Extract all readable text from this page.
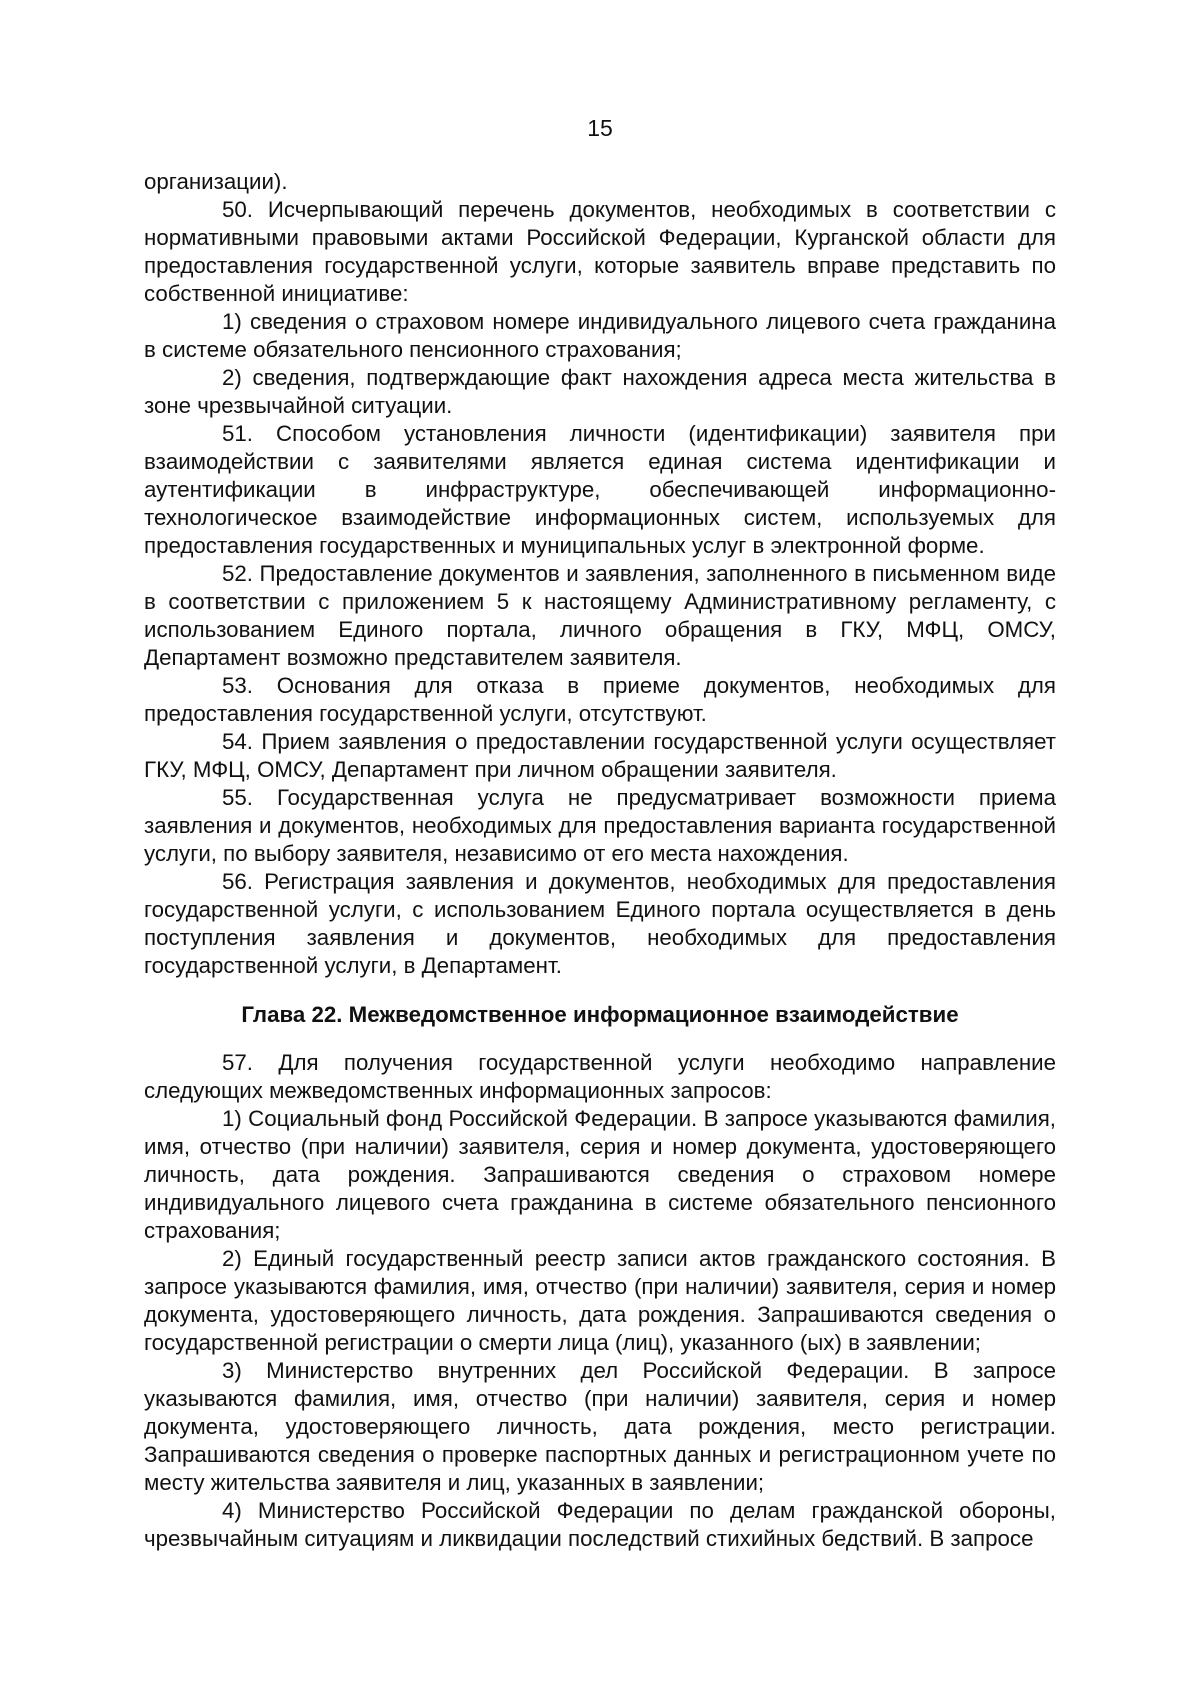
15

организации).

50. Исчерпывающий перечень документов, необходимых в соответствии с нормативными правовыми актами Российской Федерации, Курганской области для предоставления государственной услуги, которые заявитель вправе представить по собственной инициативе:

1) сведения о страховом номере индивидуального лицевого счета гражданина в системе обязательного пенсионного страхования;

2) сведения, подтверждающие факт нахождения адреса места жительства в зоне чрезвычайной ситуации.

51. Способом установления личности (идентификации) заявителя при взаимодействии с заявителями является единая система идентификации и аутентификации в инфраструктуре, обеспечивающей информационно-технологическое взаимодействие информационных систем, используемых для предоставления государственных и муниципальных услуг в электронной форме.

52. Предоставление документов и заявления, заполненного в письменном виде в соответствии с приложением 5 к настоящему Административному регламенту, с использованием Единого портала, личного обращения в ГКУ, МФЦ, ОМСУ, Департамент возможно представителем заявителя.

53. Основания для отказа в приеме документов, необходимых для предоставления государственной услуги, отсутствуют.

54. Прием заявления о предоставлении государственной услуги осуществляет ГКУ, МФЦ, ОМСУ, Департамент при личном обращении заявителя.

55. Государственная услуга не предусматривает возможности приема заявления и документов, необходимых для предоставления варианта государственной услуги, по выбору заявителя, независимо от его места нахождения.

56. Регистрация заявления и документов, необходимых для предоставления государственной услуги, с использованием Единого портала осуществляется в день поступления заявления и документов, необходимых для предоставления государственной услуги, в Департамент.

Глава 22. Межведомственное информационное взаимодействие

57. Для получения государственной услуги необходимо направление следующих межведомственных информационных запросов:

1) Социальный фонд Российской Федерации. В запросе указываются фамилия, имя, отчество (при наличии) заявителя, серия и номер документа, удостоверяющего личность, дата рождения. Запрашиваются сведения о страховом номере индивидуального лицевого счета гражданина в системе обязательного пенсионного страхования;

2) Единый государственный реестр записи актов гражданского состояния. В запросе указываются фамилия, имя, отчество (при наличии) заявителя, серия и номер документа, удостоверяющего личность, дата рождения. Запрашиваются сведения о государственной регистрации о смерти лица (лиц), указанного (ых) в заявлении;

3) Министерство внутренних дел Российской Федерации. В запросе указываются фамилия, имя, отчество (при наличии) заявителя, серия и номер документа, удостоверяющего личность, дата рождения, место регистрации. Запрашиваются сведения о проверке паспортных данных и регистрационном учете по месту жительства заявителя и лиц, указанных в заявлении;

4) Министерство Российской Федерации по делам гражданской обороны, чрезвычайным ситуациям и ликвидации последствий стихийных бедствий. В запросе
